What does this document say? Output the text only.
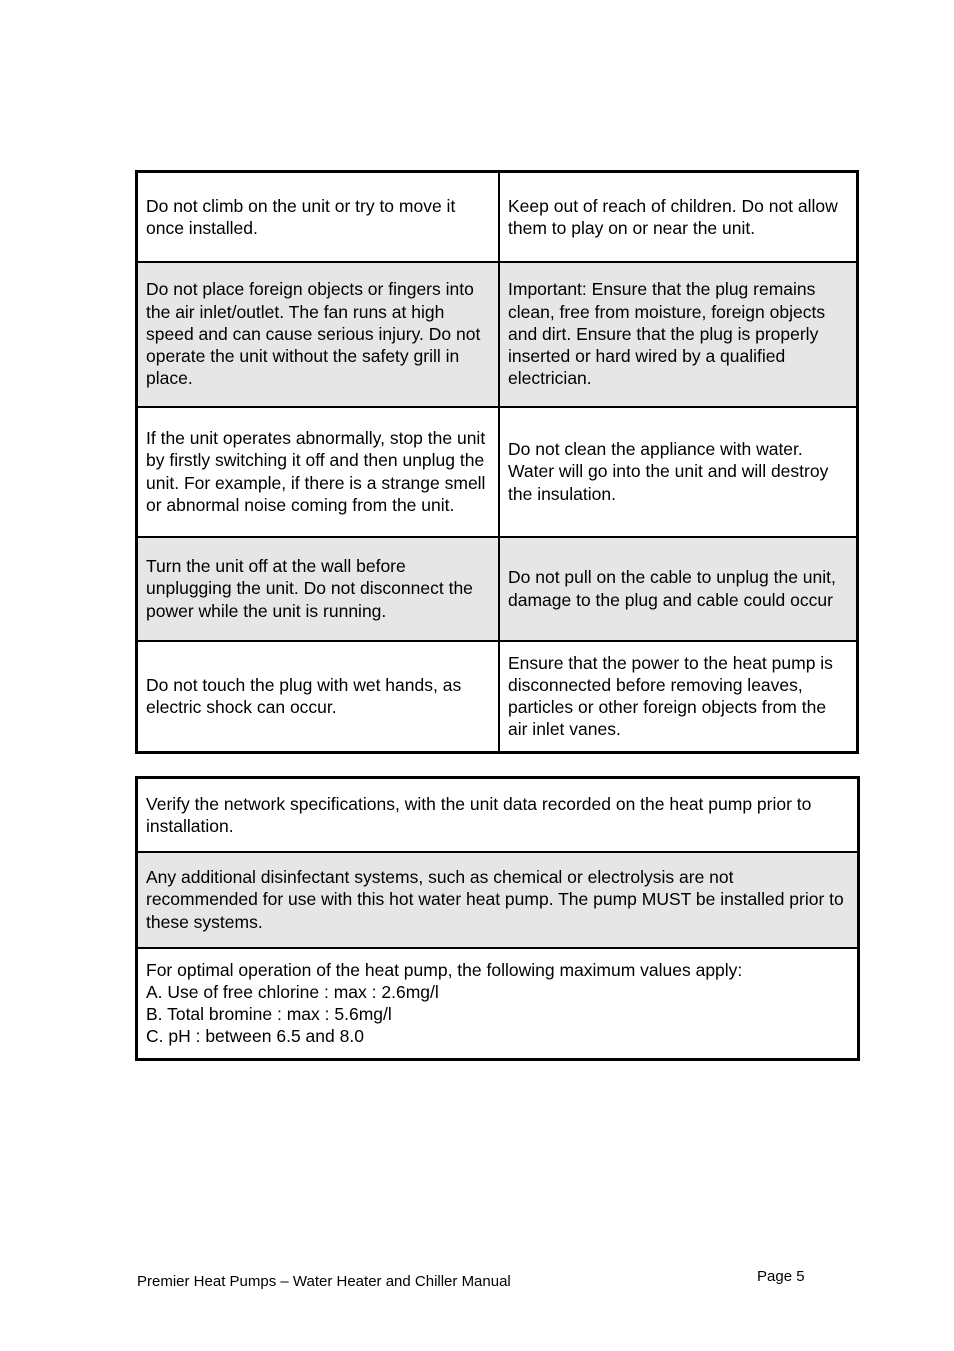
Do not climb on the unit or try to move it once installed.	Keep out of reach of children. Do not allow them to play on or near the unit.
Do not place foreign objects or fingers into the air inlet/outlet. The fan runs at high speed and can cause serious injury. Do not operate the unit without the safety grill in place.	Important: Ensure that the plug remains clean, free from moisture, foreign objects and dirt. Ensure that the plug is properly inserted or hard wired by a qualified electrician.
If the unit operates abnormally, stop the unit by firstly switching it off and then unplug the unit. For example, if there is a strange smell or abnormal noise coming from the unit.	Do not clean the appliance with water. Water will go into the unit and will destroy the insulation.
Turn the unit off at the wall before unplugging the unit. Do not disconnect the power while the unit is running.	Do not pull on the cable to unplug the unit, damage to the plug and cable could occur
Do not touch the plug with wet hands, as electric shock can occur.	Ensure that the power to the heat pump is disconnected before removing leaves, particles or other foreign objects from the air inlet vanes.
Verify the network specifications, with the unit data recorded on the heat pump prior to installation.
Any additional disinfectant systems, such as chemical or electrolysis are not recommended for use with this hot water heat pump. The pump MUST be installed prior to these systems.

For optimal operation of the heat pump, the following maximum values apply:
A. Use of free chlorine : max : 2.6mg/l
B. Total bromine : max : 5.6mg/l
C. pH : between 6.5 and 8.0
Premier Heat Pumps – Water Heater and Chiller Manual	Page 5
